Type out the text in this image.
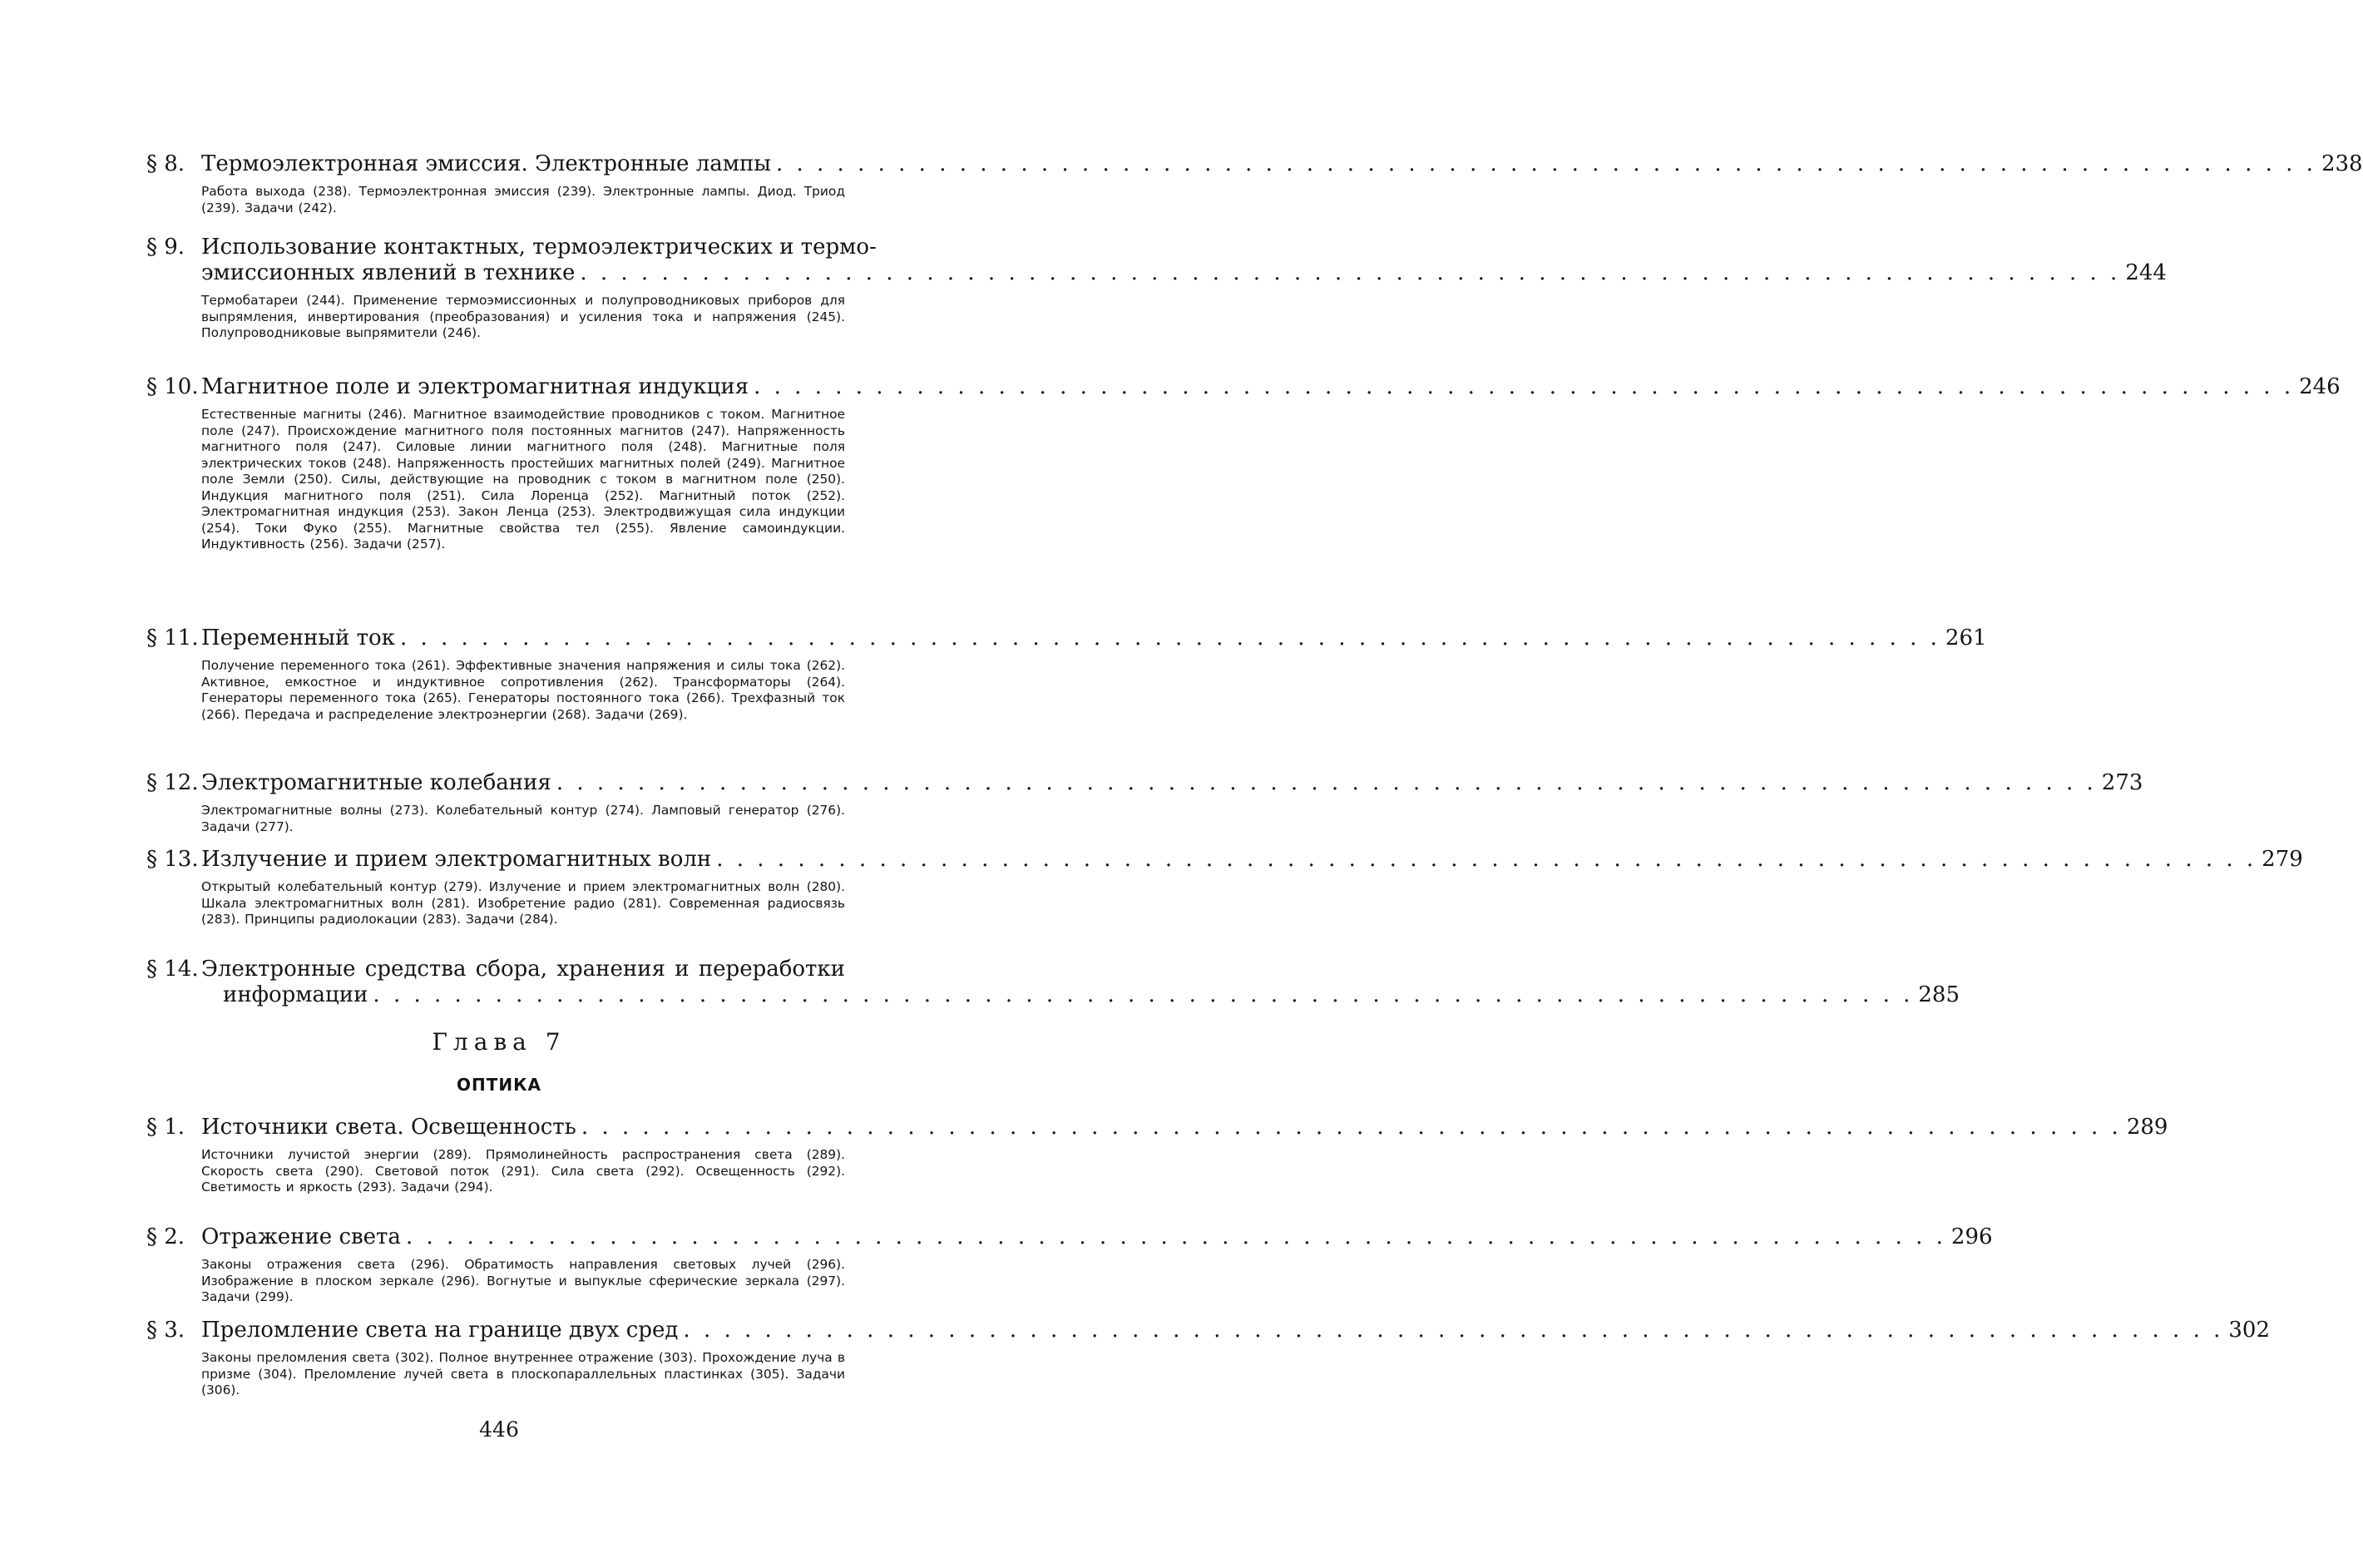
§ 8. Термоэлектронная эмиссия. Электронные лампы . . .	238
Работа выхода (238). Термоэлектронная эмиссия (239). Электронные лампы. Диод. Триод (239). Задачи (242).
§ 9. Использование контактных, термоэлектрических и термо-
эмиссионных явлений в технике . . .	244
Термобатареи (244). Применение термоэмиссионных и полупроводниковых приборов для выпрямления, инвертирования (преобразования) и усиления тока и напряжения (245). Полупроводниковые выпрямители (246).
§ 10. Магнитное поле и электромагнитная индукция . . .	246
Естественные магниты (246). Магнитное взаимодействие проводников с током. Магнитное поле (247). Происхождение магнитного поля постоянных магнитов (247). Напряженность магнитного поля (247). Силовые линии магнитного поля (248). Магнитные поля электрических токов (248). Напряженность простейших магнитных полей (249). Магнитное поле Земли (250). Силы, действующие на проводник с током в магнитном поле (250). Индукция магнитного поля (251). Сила Лоренца (252). Магнитный поток (252). Электромагнитная индукция (253). Закон Ленца (253). Электродвижущая сила индукции (254). Токи Фуко (255). Магнитные свойства тел (255). Явление самоиндукции. Индуктивность (256). Задачи (257).
§ 11. Переменный ток . . .	261
Получение переменного тока (261). Эффективные значения напряжения и силы тока (262). Активное, емкостное и индуктивное сопротивления (262). Трансформаторы (264). Генераторы переменного тока (265). Генераторы постоянного тока (266). Трехфазный ток (266). Передача и распределение электроэнергии (268). Задачи (269).
§ 12. Электромагнитные колебания . . .	273
Электромагнитные волны (273). Колебательный контур (274). Ламповый генератор (276). Задачи (277).
§ 13. Излучение и прием электромагнитных волн . . .	279
Открытый колебательный контур (279). Излучение и прием электромагнитных волн (280). Шкала электромагнитных волн (281). Изобретение радио (281). Современная радиосвязь (283). Принципы радиолокации (283). Задачи (284).
§ 14. Электронные средства сбора, хранения и переработки
информации . . .	285
Глава 7
ОПТИКА
§ 1. Источники света. Освещенность . . .	289
Источники лучистой энергии (289). Прямолинейность распространения света (289). Скорость света (290). Световой поток (291). Сила света (292). Освещенность (292). Светимость и яркость (293). Задачи (294).
§ 2. Отражение света . . .	296
Законы отражения света (296). Обратимость направления световых лучей (296). Изображение в плоском зеркале (296). Вогнутые и выпуклые сферические зеркала (297). Задачи (299).
§ 3. Преломление света на границе двух сред . . .	302
Законы преломления света (302). Полное внутреннее отражение (303). Прохождение луча в призме (304). Преломление лучей света в плоскопараллельных пластинках (305). Задачи (306).
446
